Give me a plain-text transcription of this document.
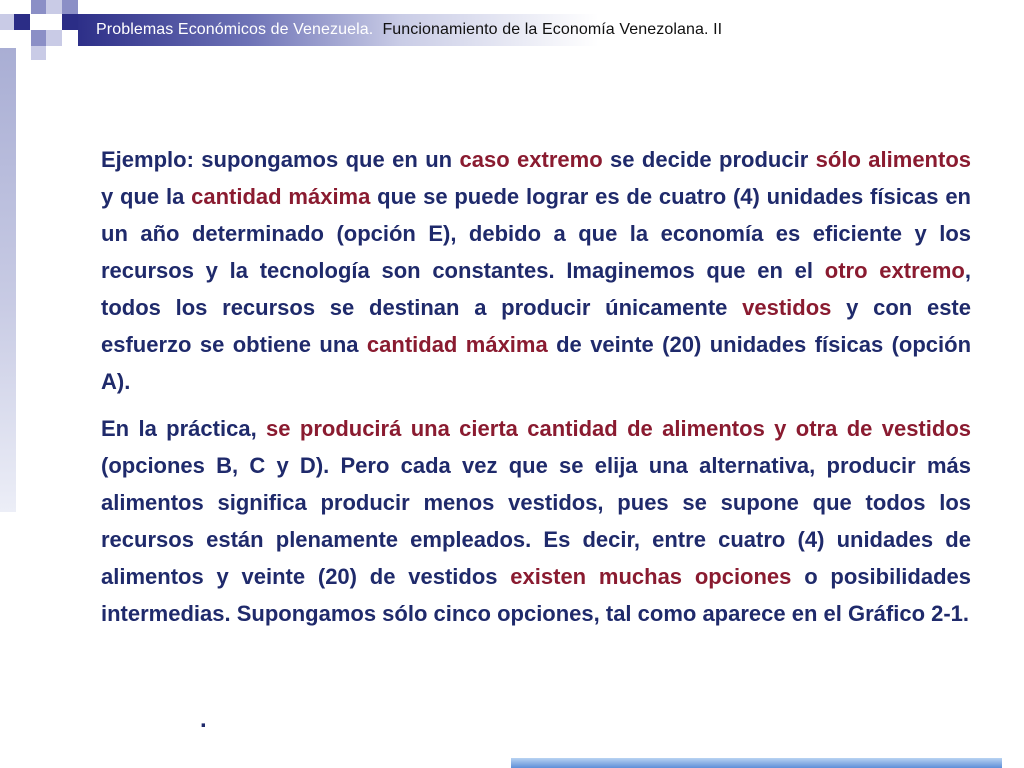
Problemas Económicos de Venezuela. Funcionamiento de la Economía Venezolana. II

Ejemplo: supongamos que en un caso extremo se decide producir sólo alimentos y que la cantidad máxima que se puede lograr es de cuatro (4) unidades físicas en un año determinado (opción E), debido a que la economía es eficiente y los recursos y la tecnología son constantes. Imaginemos que en el otro extremo, todos los recursos se destinan a producir únicamente vestidos y con este esfuerzo se obtiene una cantidad máxima de veinte (20) unidades físicas (opción A).

En la práctica, se producirá una cierta cantidad de alimentos y otra de vestidos (opciones B, C y D). Pero cada vez que se elija una alternativa, producir más alimentos significa producir menos vestidos, pues se supone que todos los recursos están plenamente empleados. Es decir, entre cuatro (4) unidades de alimentos y veinte (20) de vestidos existen muchas opciones o posibilidades intermedias. Supongamos sólo cinco opciones, tal como aparece en el Gráfico 2-1.

.
